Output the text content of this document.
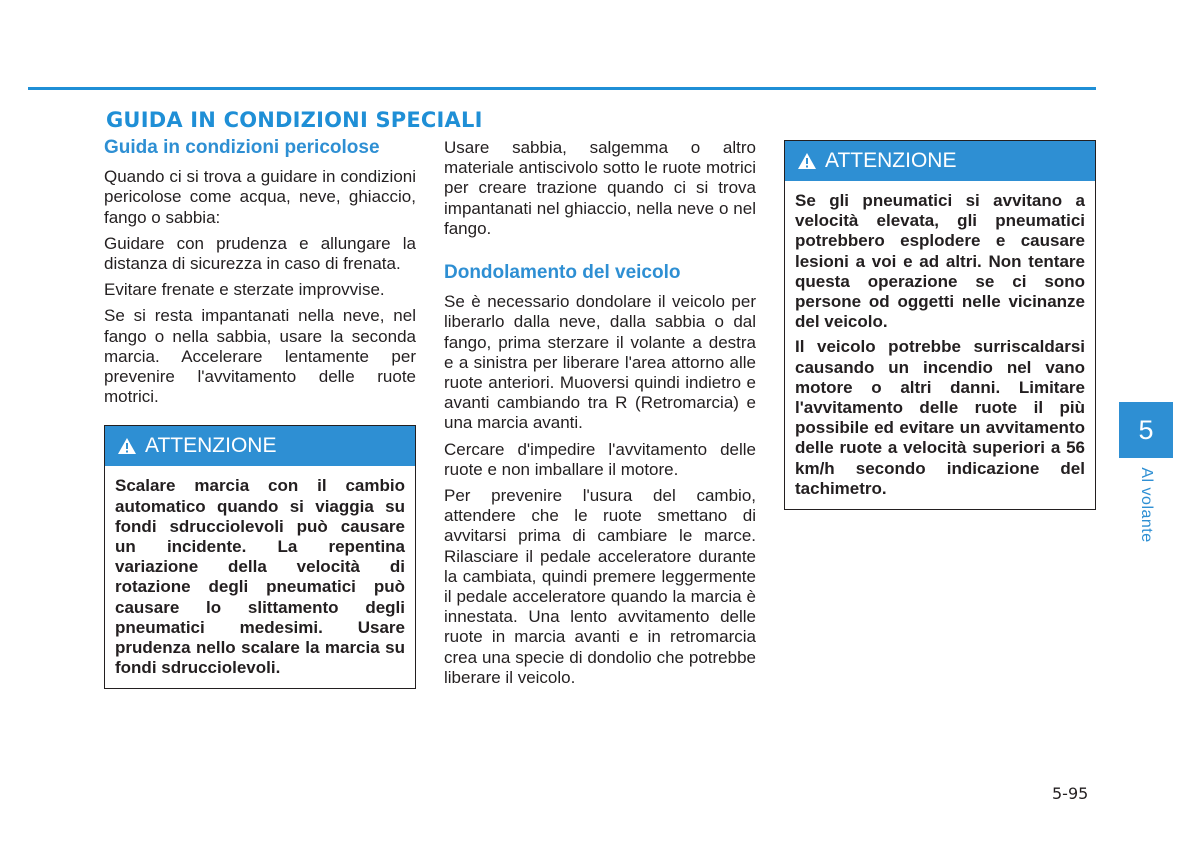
GUIDA IN CONDIZIONI SPECIALI
Guida in condizioni pericolose

Quando ci si trova a guidare in condizioni pericolose come acqua, neve, ghiaccio, fango o sabbia:

Guidare con prudenza e allungare la distanza di sicurezza in caso di frenata.

Evitare frenate e sterzate improvvise.

Se si resta impantanati nella neve, nel fango o nella sabbia, usare la seconda marcia. Accelerare lentamente per prevenire l'avvitamento delle ruote motrici.

ATTENZIONE

Scalare marcia con il cambio automatico quando si viaggia su fondi sdrucciolevoli può causare un incidente. La repentina variazione della velocità di rotazione degli pneumatici può causare lo slittamento degli pneumatici medesimi. Usare prudenza nello scalare la marcia su fondi sdrucciolevoli.

Usare sabbia, salgemma o altro materiale antiscivolo sotto le ruote motrici per creare trazione quando ci si trova impantanati nel ghiaccio, nella neve o nel fango.

Dondolamento del veicolo

Se è necessario dondolare il veicolo per liberarlo dalla neve, dalla sabbia o dal fango, prima sterzare il volante a destra e a sinistra per liberare l'area attorno alle ruote anteriori. Muoversi quindi indietro e avanti cambiando tra R (Retromarcia) e una marcia avanti.

Cercare d'impedire l'avvitamento delle ruote e non imballare il motore.

Per prevenire l'usura del cambio, attendere che le ruote smettano di avvitarsi prima di cambiare le marce. Rilasciare il pedale acceleratore durante la cambiata, quindi premere leggermente il pedale acceleratore quando la marcia è innestata. Una lento avvitamento delle ruote in marcia avanti e in retromarcia crea una specie di dondolio che potrebbe liberare il veicolo.

ATTENZIONE

Se gli pneumatici si avvitano a velocità elevata, gli pneumatici potrebbero esplodere e causare lesioni a voi e ad altri. Non tentare questa operazione se ci sono persone od oggetti nelle vicinanze del veicolo.

Il veicolo potrebbe surriscaldarsi causando un incendio nel vano motore o altri danni. Limitare l'avvitamento delle ruote il più possibile ed evitare un avvitamento delle ruote a velocità superiori a 56 km/h secondo indicazione del tachimetro.

5
Al volante
5-95
